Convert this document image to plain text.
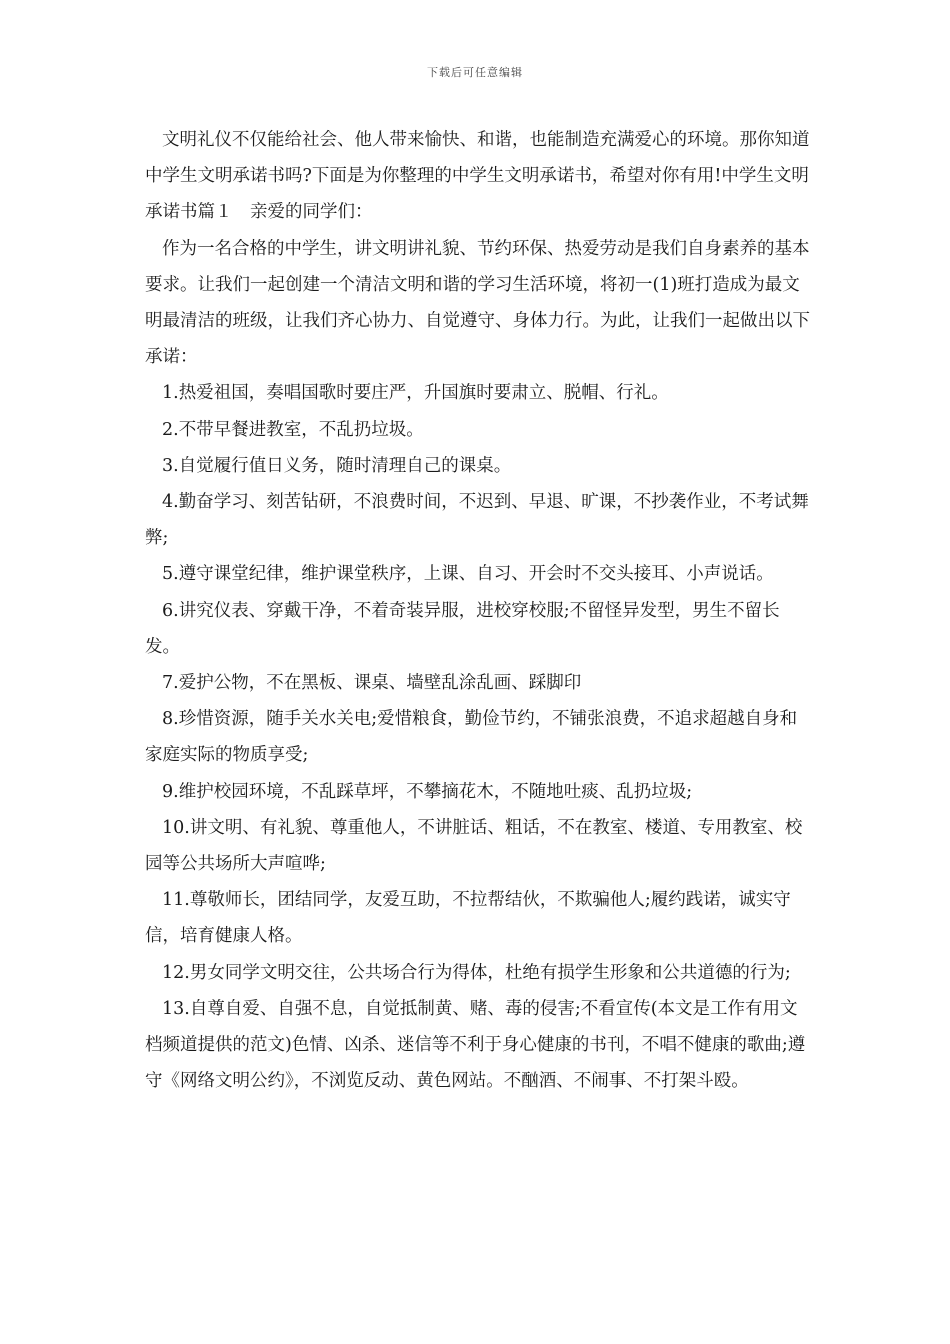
下载后可任意编辑

文明礼仪不仅能给社会、他人带来愉快、和谐，也能制造充满爱心的环境。那你知道中学生文明承诺书吗?下面是为你整理的中学生文明承诺书，希望对你有用!中学生文明承诺书篇１　亲爱的同学们：

作为一名合格的中学生，讲文明讲礼貌、节约环保、热爱劳动是我们自身素养的基本要求。让我们一起创建一个清洁文明和谐的学习生活环境，将初一(1)班打造成为最文明最清洁的班级，让我们齐心协力、自觉遵守、身体力行。为此，让我们一起做出以下承诺：

1.热爱祖国，奏唱国歌时要庄严，升国旗时要肃立、脱帽、行礼。

2.不带早餐进教室，不乱扔垃圾。

3.自觉履行值日义务，随时清理自己的课桌。

4.勤奋学习、刻苦钻研，不浪费时间，不迟到、早退、旷课，不抄袭作业，不考试舞弊;

5.遵守课堂纪律，维护课堂秩序，上课、自习、开会时不交头接耳、小声说话。

6.讲究仪表、穿戴干净，不着奇装异服，进校穿校服;不留怪异发型，男生不留长发。

7.爱护公物，不在黑板、课桌、墙壁乱涂乱画、踩脚印

8.珍惜资源，随手关水关电;爱惜粮食，勤俭节约，不铺张浪费，不追求超越自身和家庭实际的物质享受;

9.维护校园环境，不乱踩草坪，不攀摘花木，不随地吐痰、乱扔垃圾;

10.讲文明、有礼貌、尊重他人，不讲脏话、粗话，不在教室、楼道、专用教室、校园等公共场所大声喧哗;

11.尊敬师长，团结同学，友爱互助，不拉帮结伙，不欺骗他人;履约践诺，诚实守信，培育健康人格。

12.男女同学文明交往，公共场合行为得体，杜绝有损学生形象和公共道德的行为;

13.自尊自爱、自强不息，自觉抵制黄、赌、毒的侵害;不看宣传(本文是工作有用文档频道提供的范文)色情、凶杀、迷信等不利于身心健康的书刊，不唱不健康的歌曲;遵守《网络文明公约》，不浏览反动、黄色网站。不酗酒、不闹事、不打架斗殴。
